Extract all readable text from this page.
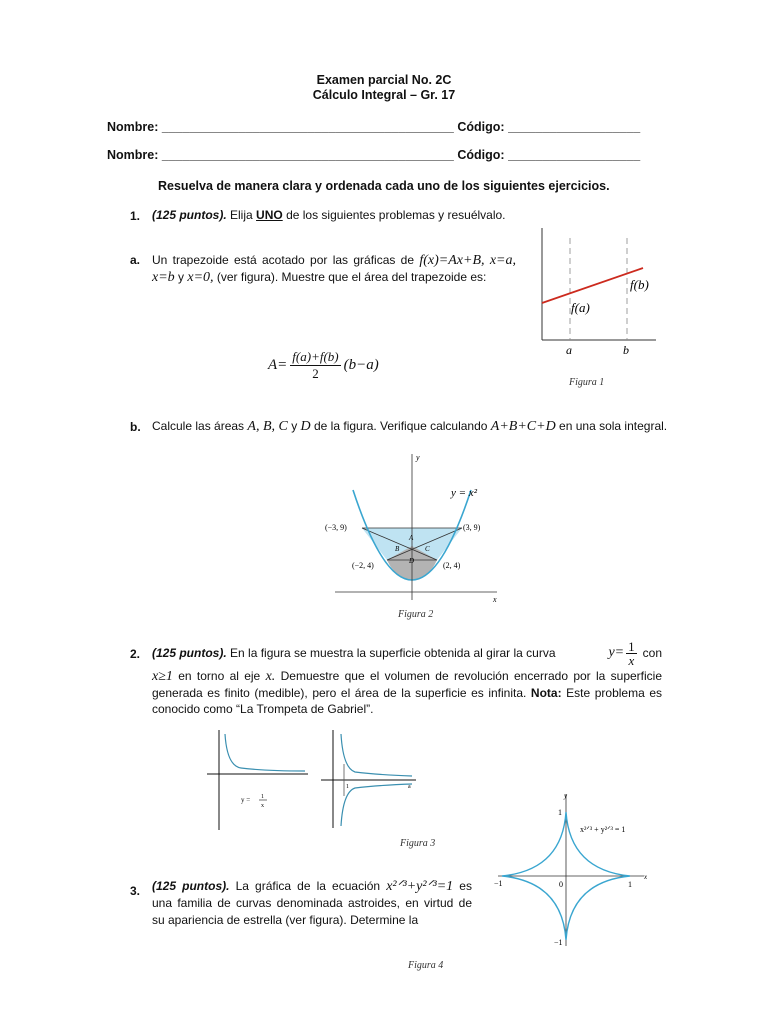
Examen parcial No. 2C
Cálculo Integral – Gr. 17
Nombre: __________________________________________ Código: ___________________
Nombre: __________________________________________ Código: ___________________
Resuelva de manera clara y ordenada cada uno de los siguientes ejercicios.
1. (125 puntos). Elija UNO de los siguientes problemas y resuélvalo.
a. Un trapezoide está acotado por las gráficas de f(x)=Ax+B, x=a, x=b y x=0, (ver figura). Muestre que el área del trapezoide es:
$A= \frac{f(a)+f(b)}{2} (b-a)$
f(a)
f(b)
a	b
Figura 1
b. Calcule las áreas A, B, C y D de la figura. Verifique calculando A+B+C+D en una sola integral.
y
x
y = x²
(−3, 9)	(3, 9)
(−2, 4)	(2, 4)
A
B	C
D
Figura 2
2. (125 puntos). En la figura se muestra la superficie obtenida al girar la curva	$y= \frac{1}{x}$ con
x≥1 en torno al eje x. Demuestre que el volumen de revolución encerrado por la superficie generada es finito (medible), pero el área de la superficie es infinita. Nota: Este problema es conocido como “La Trompeta de Gabriel”.
y = 1
x
1	a
Figura 3
3. (125 puntos). La gráfica de la ecuación x²ᐟ³+y²ᐟ³=1 es una familia de curvas denominada astroides, en virtud de su apariencia de estrella (ver figura). Determine la
y
x
1
−1	0	1
−1
x²ᐟ³ + y²ᐟ³ = 1
Figura 4
